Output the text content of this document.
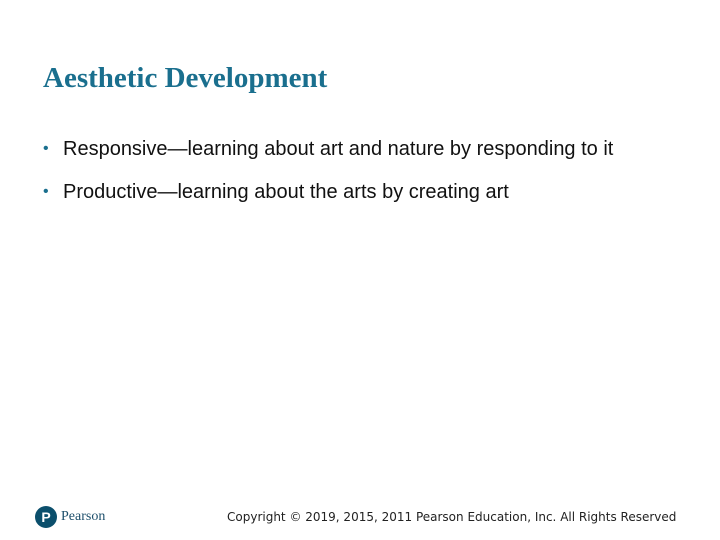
Aesthetic Development
• Responsive—learning about art and nature by responding to it
• Productive—learning about the arts by creating art
P Pearson	Copyright © 2019, 2015, 2011 Pearson Education, Inc. All Rights Reserved
